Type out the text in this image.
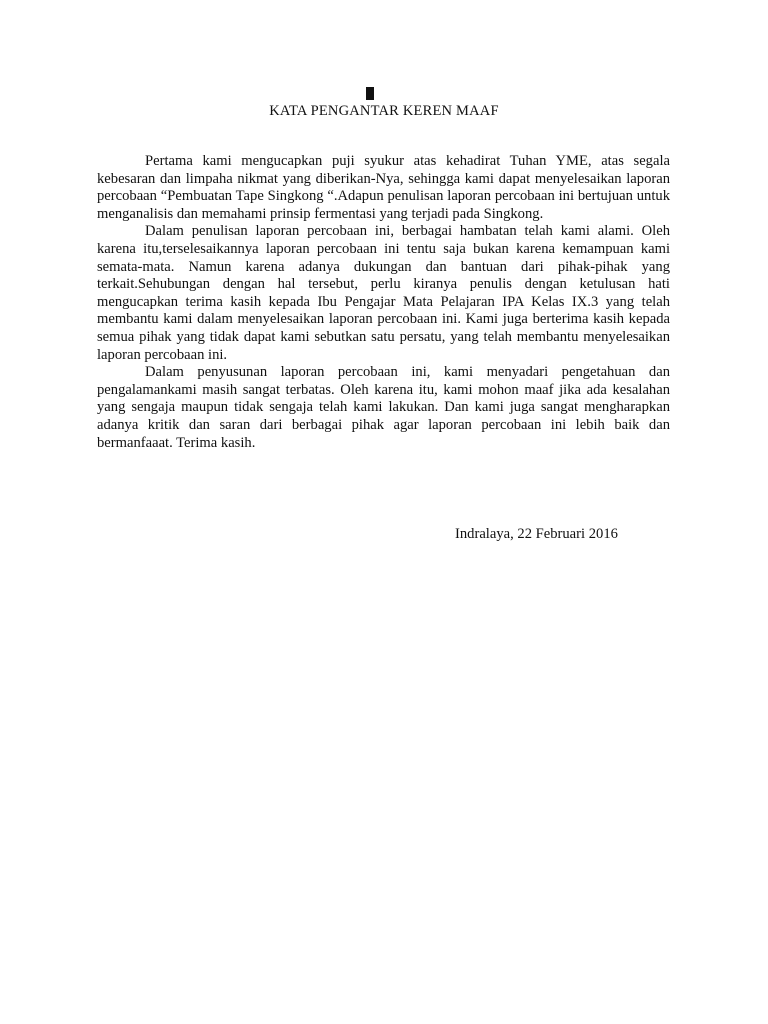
KATA PENGANTAR KEREN MAAF

Pertama kami mengucapkan puji syukur atas kehadirat Tuhan YME, atas segala kebesaran dan limpaha nikmat yang diberikan-Nya, sehingga kami dapat menyelesaikan laporan percobaan “Pembuatan Tape Singkong “.Adapun penulisan laporan percobaan ini bertujuan untuk menganalisis dan memahami prinsip fermentasi yang terjadi pada Singkong.

Dalam penulisan laporan percobaan ini, berbagai hambatan telah kami alami. Oleh karena itu,terselesaikannya laporan percobaan ini tentu saja bukan karena kemampuan kami semata-mata. Namun karena adanya dukungan dan bantuan dari pihak-pihak yang terkait.Sehubungan dengan hal tersebut, perlu kiranya penulis dengan ketulusan hati mengucapkan terima kasih kepada Ibu Pengajar Mata Pelajaran IPA Kelas IX.3 yang telah membantu kami dalam menyelesaikan laporan percobaan ini. Kami juga berterima kasih kepada semua pihak yang tidak dapat kami sebutkan satu persatu, yang telah membantu menyelesaikan laporan percobaan ini.

Dalam penyusunan laporan percobaan ini, kami menyadari pengetahuan dan pengalamankami masih sangat terbatas. Oleh karena itu, kami mohon maaf jika ada kesalahan yang sengaja maupun tidak sengaja telah kami lakukan. Dan kami juga sangat mengharapkan adanya kritik dan saran dari berbagai pihak agar laporan percobaan ini lebih baik dan bermanfaaat. Terima kasih.

Indralaya, 22 Februari 2016
